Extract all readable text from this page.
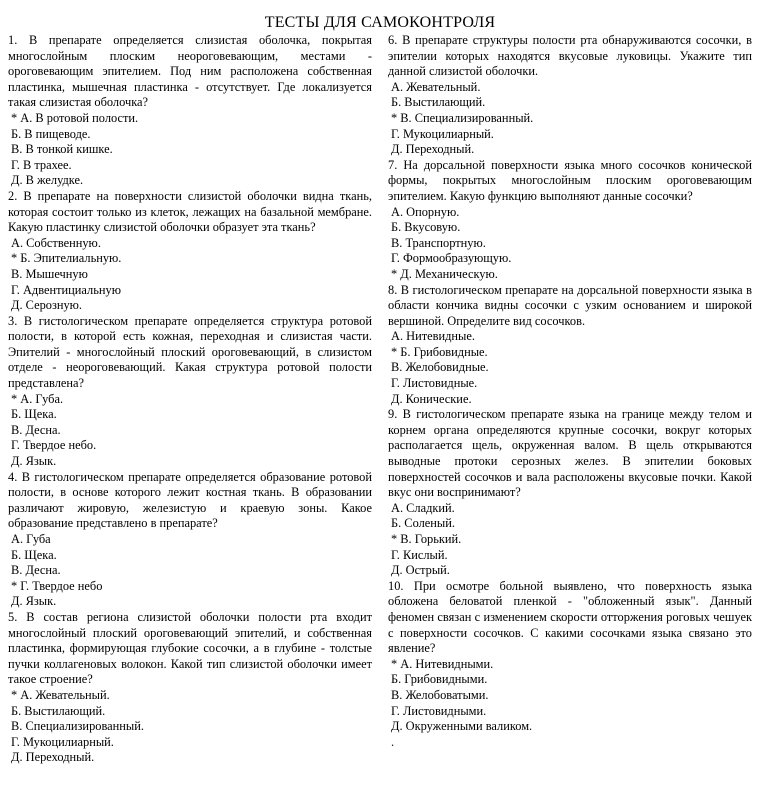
ТЕСТЫ ДЛЯ САМОКОНТРОЛЯ

1. В препарате определяется слизистая оболочка, покрытая многослойным плоским неороговевающим, местами - ороговевающим эпителием. Под ним расположена собственная пластинка, мышечная пластинка - отсутствует. Где локализуется такая слизистая оболочка?

* А. В ротовой полости.

Б. В пищеводе.

В. В тонкой кишке.

Г. В трахее.

Д. В желудке.

2. В препарате на поверхности слизистой оболочки видна ткань, которая состоит только из клеток, лежащих на базальной мембране. Какую пластинку слизистой оболочки образует эта ткань?

А. Собственную.

* Б. Эпителиальную.

В. Мышечную

Г. Адвентициальную

Д. Серозную.

3. В гистологическом препарате определяется структура ротовой полости, в которой есть кожная, переходная и слизистая части. Эпителий - многослойный плоский ороговевающий, в слизистом отделе - неороговевающий. Какая структура ротовой полости представлена?

* А. Губа.

Б. Щека.

В. Десна.

Г. Твердое небо.

Д. Язык.

4. В гистологическом препарате определяется образование ротовой полости, в основе которого лежит костная ткань. В образовании различают жировую, железистую и краевую зоны. Какое образование представлено в препарате?

А. Губа

Б. Щека.

В. Десна.

* Г. Твердое небо

Д. Язык.

5. В состав региона слизистой оболочки полости рта входит многослойный плоский ороговевающий эпителий, и собственная пластинка, формирующая глубокие сосочки, а в глубине - толстые пучки коллагеновых волокон. Какой тип слизистой оболочки имеет такое строение?

* А. Жевательный.

Б. Выстилающий.

В. Специализированный.

Г. Мукоцилиарный.

Д. Переходный.

6. В препарате структуры полости рта обнаруживаются сосочки, в эпителии которых находятся вкусовые луковицы. Укажите тип данной слизистой оболочки.

А. Жевательный.

Б. Выстилающий.

* В. Специализированный.

Г. Мукоцилиарный.

Д. Переходный.

7. На дорсальной поверхности языка много сосочков конической формы, покрытых многослойным плоским ороговевающим эпителием. Какую функцию выполняют данные сосочки?

А. Опорную.

Б. Вкусовую.

В. Транспортную.

Г. Формообразующую.

* Д. Механическую.

8. В гистологическом препарате на дорсальной поверхности языка в области кончика видны сосочки с узким основанием и широкой вершиной. Определите вид сосочков.

А. Нитевидные.

* Б. Грибовидные.

В. Желобовидные.

Г. Листовидные.

Д. Конические.

9. В гистологическом препарате языка на границе между телом и корнем органа определяются крупные сосочки, вокруг которых располагается щель, окруженная валом. В щель открываются выводные протоки серозных желез. В эпителии боковых поверхностей сосочков и вала расположены вкусовые почки. Какой вкус они воспринимают?

А. Сладкий.

Б. Соленый.

* В. Горький.

Г. Кислый.

Д. Острый.

10. При осмотре больной выявлено, что поверхность языка обложена беловатой пленкой - "обложенный язык". Данный феномен связан с изменением скорости отторжения роговых чешуек с поверхности сосочков. С какими сосочками языка связано это явление?

* А. Нитевидными.

Б. Грибовидными.

В. Желобоватыми.

Г. Листовидными.

Д. Окруженными валиком.

.
